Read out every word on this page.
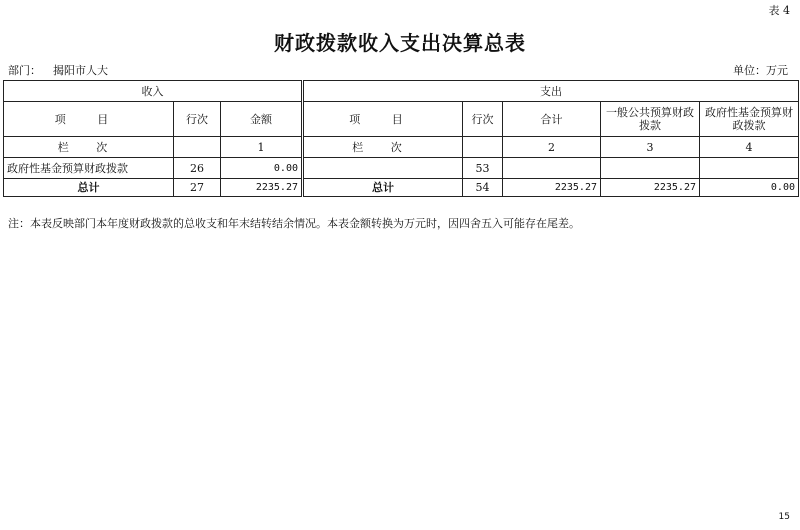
表 4
财政拨款收入支出决算总表
部门： 揭阳市人大	单位：万元
收入			支出				
项 目	行次	金额	项 目	行次	合计	一般公共预算财政拨款	政府性基金预算财政拨款
栏 次		1	栏 次		2	3	4
政府性基金预算财政拨款	26	0.00		53			
总计	27	2235.27	总计	54	2235.27	2235.27	0.00
注：本表反映部门本年度财政拨款的总收支和年末结转结余情况。本表金额转换为万元时，因四舍五入可能存在尾差。
15
